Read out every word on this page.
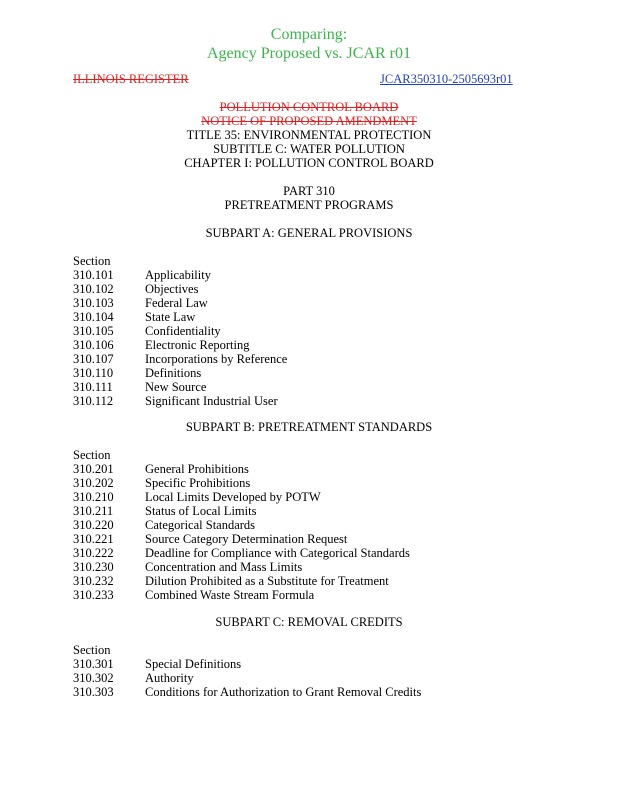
Comparing:
Agency Proposed vs. JCAR r01
ILLINOIS REGISTER	JCAR350310-2505693r01
POLLUTION CONTROL BOARD
NOTICE OF PROPOSED AMENDMENT
TITLE 35: ENVIRONMENTAL PROTECTION
SUBTITLE C: WATER POLLUTION
CHAPTER I: POLLUTION CONTROL BOARD
PART 310
PRETREATMENT PROGRAMS
SUBPART A: GENERAL PROVISIONS
Section
310.101	Applicability
310.102	Objectives
310.103	Federal Law
310.104	State Law
310.105	Confidentiality
310.106	Electronic Reporting
310.107	Incorporations by Reference
310.110	Definitions
310.111	New Source
310.112	Significant Industrial User
SUBPART B: PRETREATMENT STANDARDS
Section
310.201	General Prohibitions
310.202	Specific Prohibitions
310.210	Local Limits Developed by POTW
310.211	Status of Local Limits
310.220	Categorical Standards
310.221	Source Category Determination Request
310.222	Deadline for Compliance with Categorical Standards
310.230	Concentration and Mass Limits
310.232	Dilution Prohibited as a Substitute for Treatment
310.233	Combined Waste Stream Formula
SUBPART C: REMOVAL CREDITS
Section
310.301	Special Definitions
310.302	Authority
310.303	Conditions for Authorization to Grant Removal Credits
